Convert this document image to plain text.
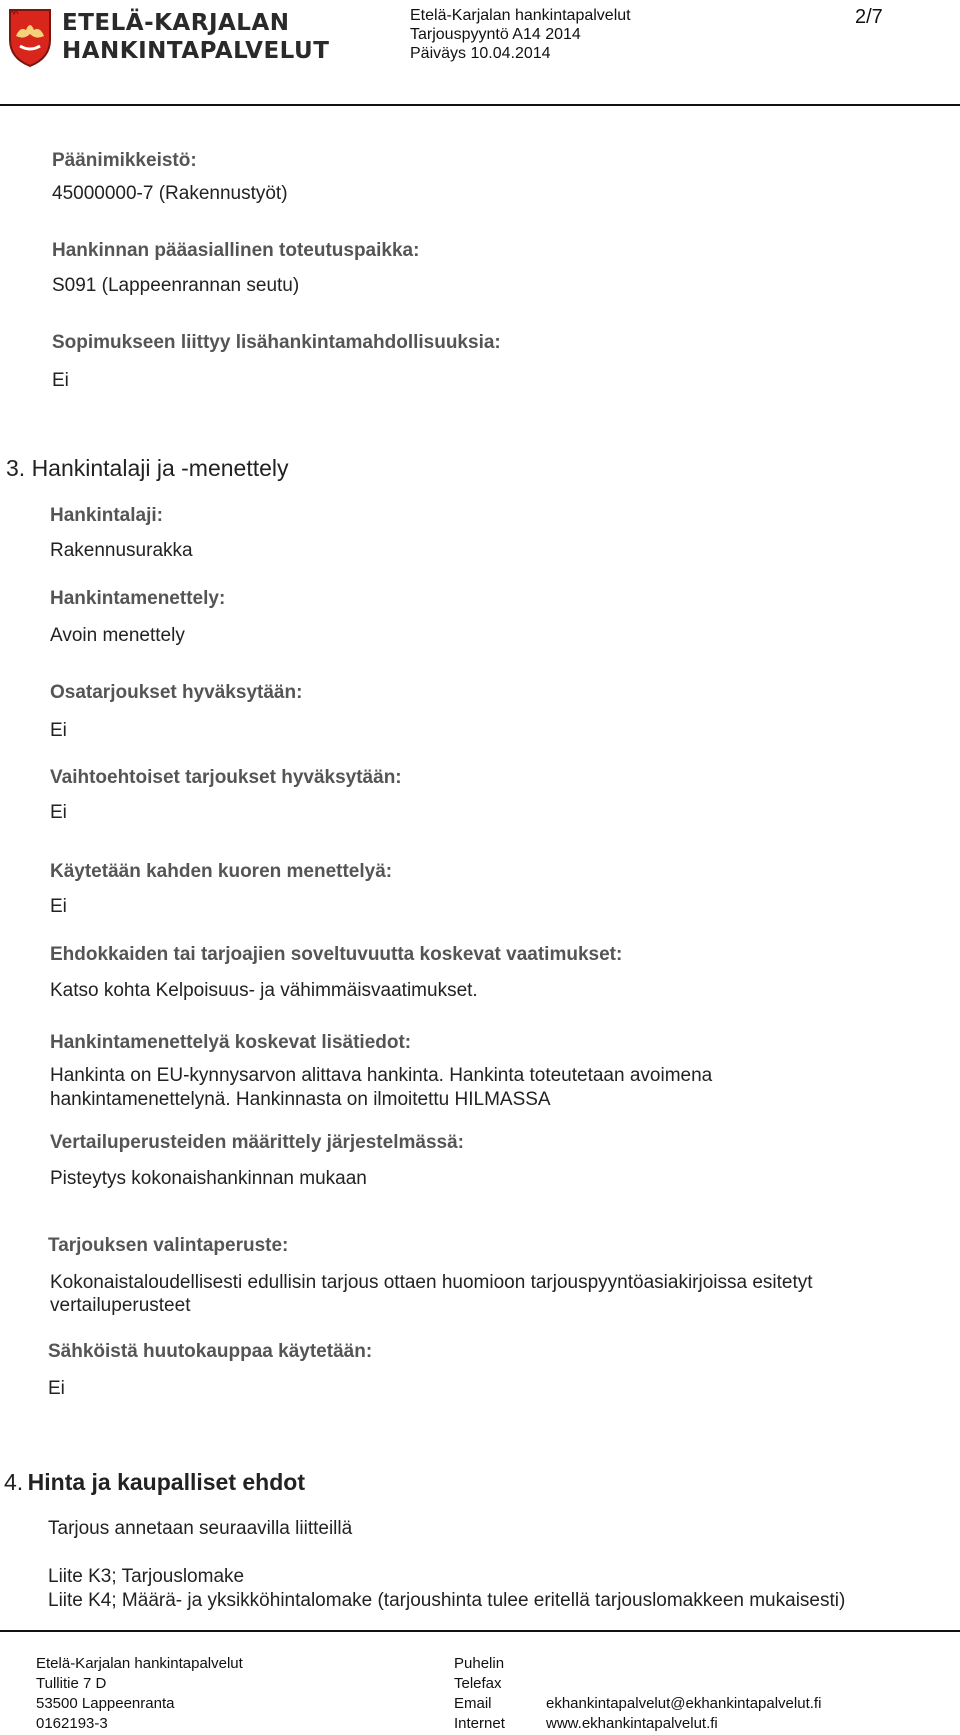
ETELÄ-KARJALAN
HANKINTAPALVELUT
Etelä-Karjalan hankintapalvelut
Tarjouspyyntö A14 2014
Päiväys 10.04.2014
2/7
Päänimikkeistö:
45000000-7 (Rakennustyöt)
Hankinnan pääasiallinen toteutuspaikka:
S091 (Lappeenrannan seutu)
Sopimukseen liittyy lisähankintamahdollisuuksia:
Ei
3. Hankintalaji ja -menettely
Hankintalaji:
Rakennusurakka
Hankintamenettely:
Avoin menettely
Osatarjoukset hyväksytään:
Ei
Vaihtoehtoiset tarjoukset hyväksytään:
Ei
Käytetään kahden kuoren menettelyä:
Ei
Ehdokkaiden tai tarjoajien soveltuvuutta koskevat vaatimukset:
Katso kohta Kelpoisuus- ja vähimmäisvaatimukset.
Hankintamenettelyä koskevat lisätiedot:
Hankinta on EU-kynnysarvon alittava hankinta. Hankinta toteutetaan avoimena
hankintamenettelynä. Hankinnasta on ilmoitettu HILMASSA
Vertailuperusteiden määrittely järjestelmässä:
Pisteytys kokonaishankinnan mukaan
Tarjouksen valintaperuste:
Kokonaistaloudellisesti edullisin tarjous ottaen huomioon tarjouspyyntöasiakirjoissa esitetyt
vertailuperusteet
Sähköistä huutokauppaa käytetään:
Ei
4. Hinta ja kaupalliset ehdot
Tarjous annetaan seuraavilla liitteillä
Liite K3; Tarjouslomake
Liite K4; Määrä- ja yksikköhintalomake (tarjoushinta tulee eritellä tarjouslomakkeen mukaisesti)
Etelä-Karjalan hankintapalvelut
Tullitie 7 D
53500 Lappeenranta
0162193-3
Puhelin
Telefax
Email
Internet
ekhankintapalvelut@ekhankintapalvelut.fi
www.ekhankintapalvelut.fi
